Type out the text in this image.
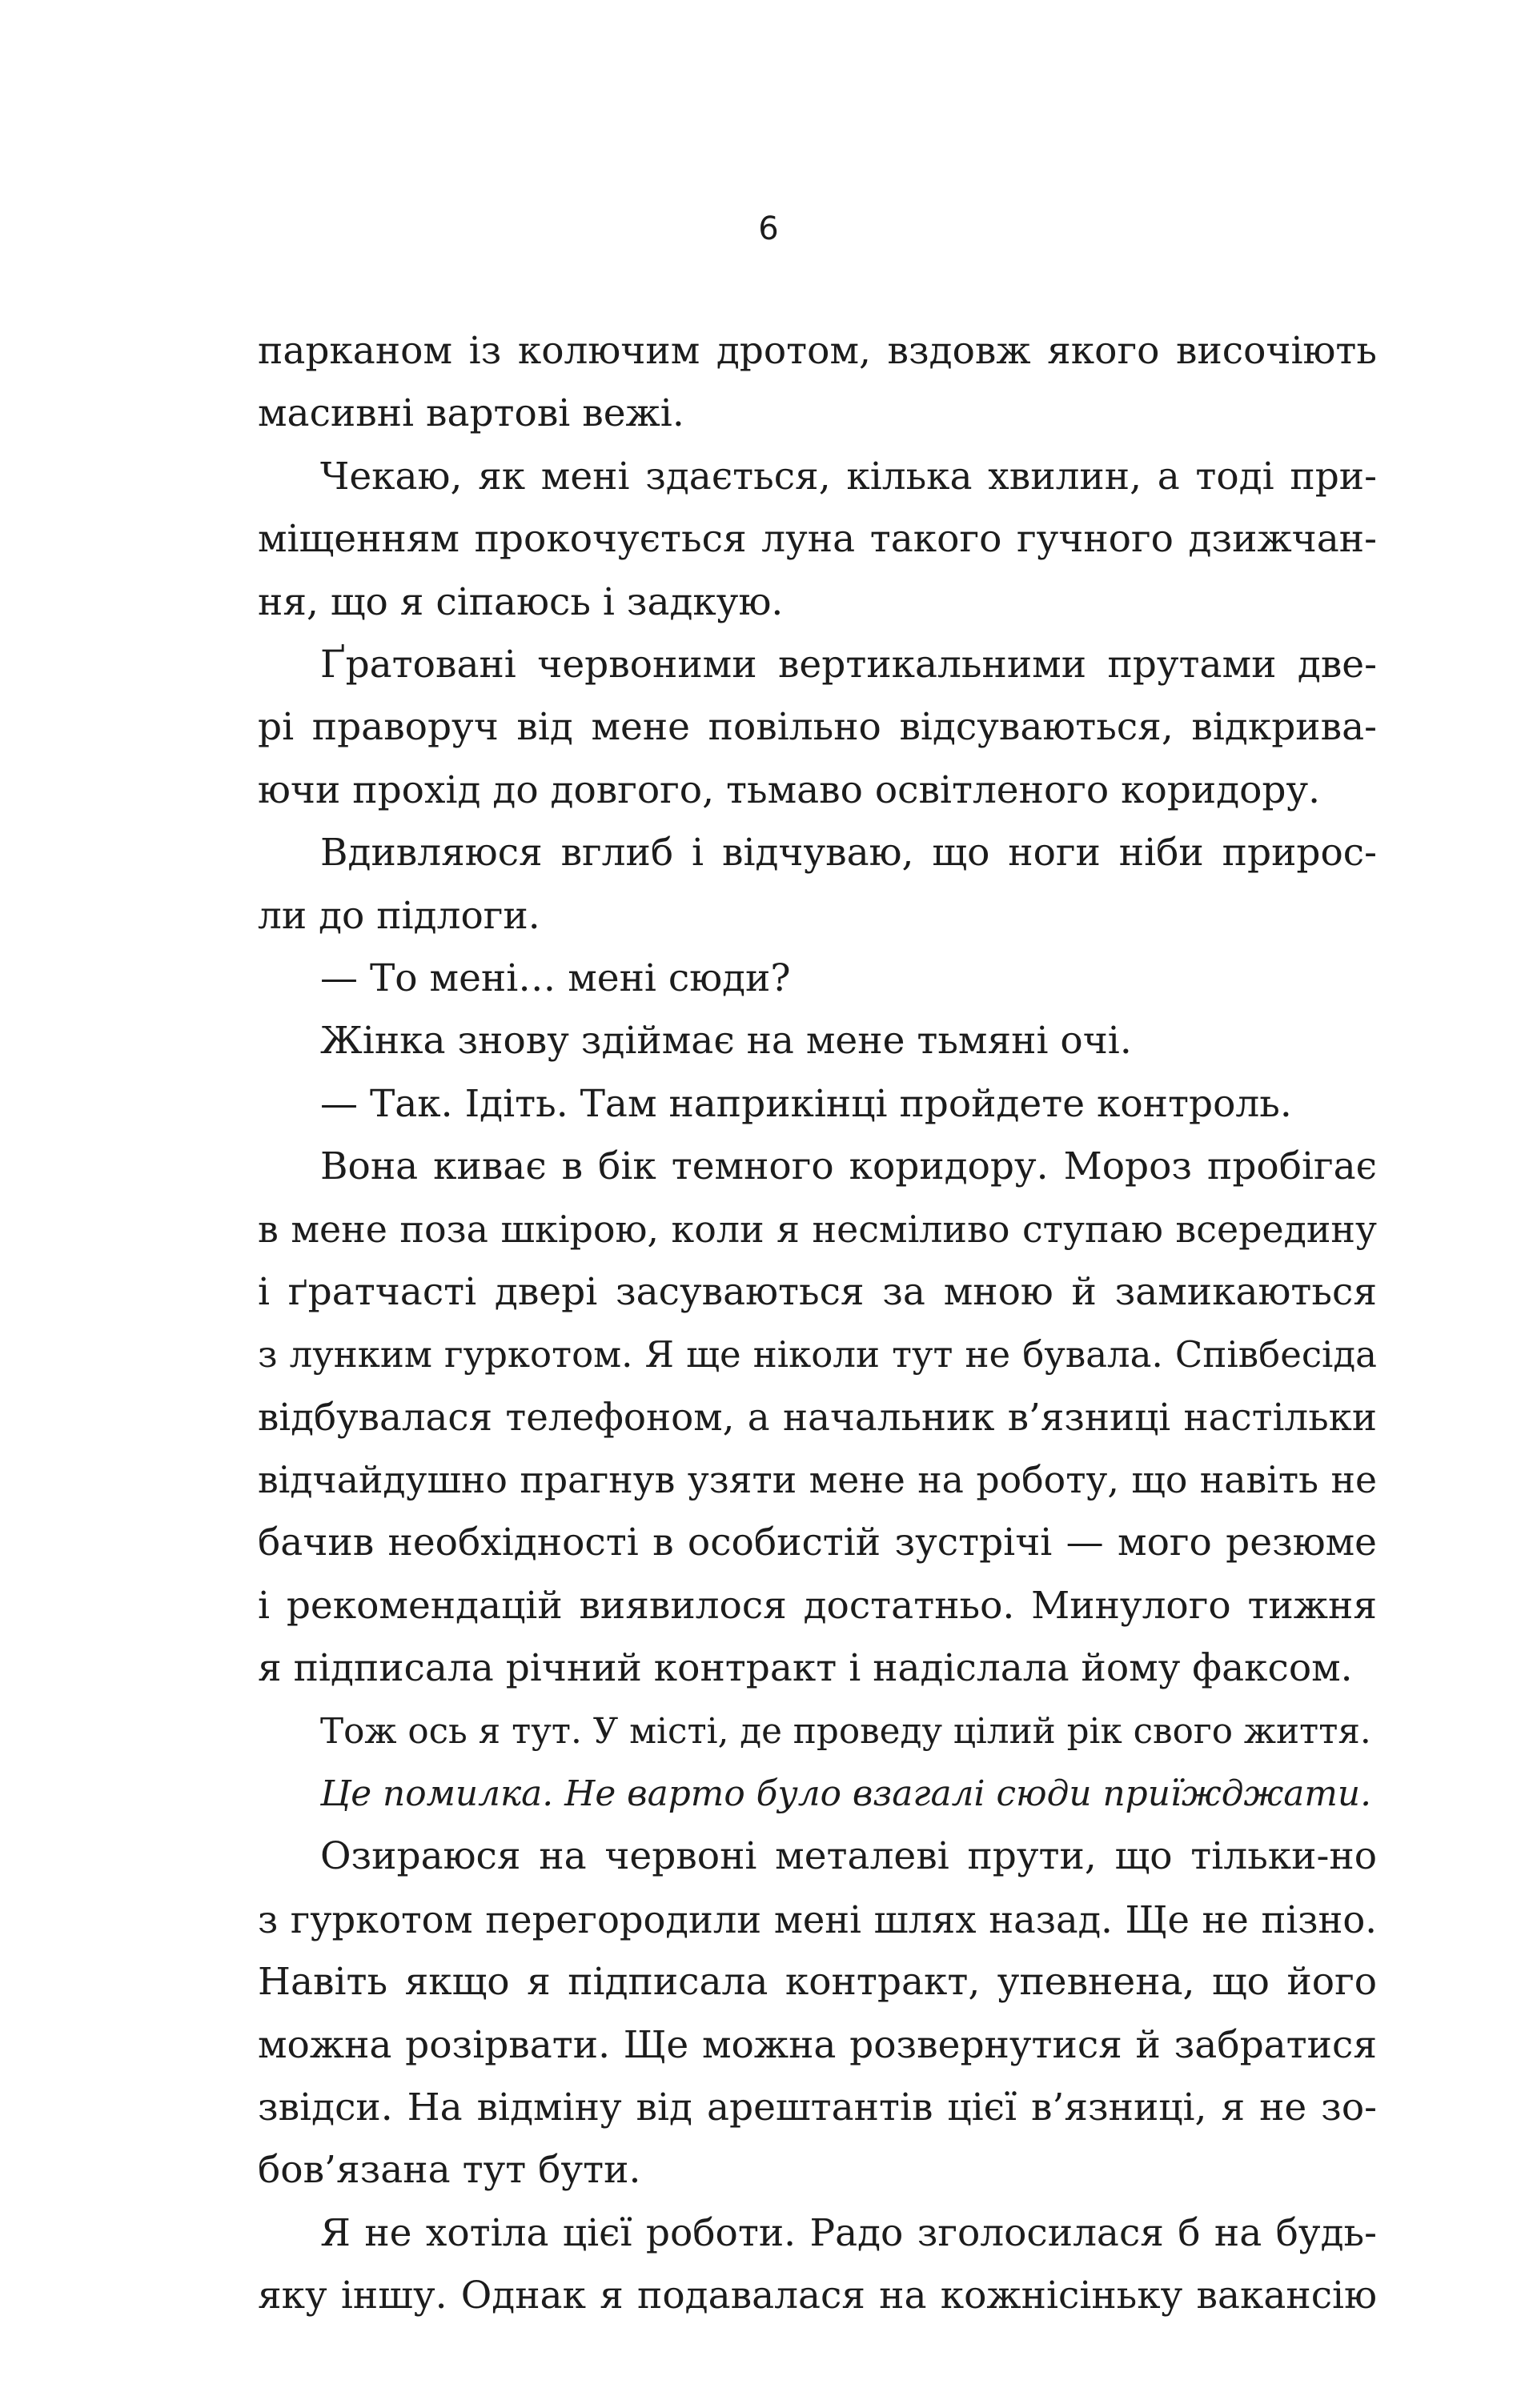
6
парканом із колючим дротом, вздовж якого височіють
масивні вартові вежі.
Чекаю, як мені здається, кілька хвилин, а тоді при-
міщенням прокочується луна такого гучного дзижчан-
ня, що я сіпаюсь і задкую.
Ґратовані червоними вертикальними прутами две-
рі праворуч від мене повільно відсуваються, відкрива-
ючи прохід до довгого, тьмаво освітленого коридору.
Вдивляюся вглиб і відчуваю, що ноги ніби прирос-
ли до підлоги.
— То мені… мені сюди?
Жінка знову здіймає на мене тьмяні очі.
— Так. Ідіть. Там наприкінці пройдете контроль.
Вона киває в бік темного коридору. Мороз пробігає
в мене поза шкірою, коли я несміливо ступаю всередину
і ґратчасті двері засуваються за мною й замикаються
з лунким гуркотом. Я ще ніколи тут не бувала. Співбесіда
відбувалася телефоном, а начальник в’язниці настільки
відчайдушно прагнув узяти мене на роботу, що навіть не
бачив необхідності в особистій зустрічі — мого резюме
і рекомендацій виявилося достатньо. Минулого тижня
я підписала річний контракт і надіслала йому факсом.
Тож ось я тут. У місті, де проведу цілий рік свого життя.
Це помилка. Не варто було взагалі сюди приїжджати.
Озираюся на червоні металеві прути, що тільки-но
з гуркотом перегородили мені шлях назад. Ще не пізно.
Навіть якщо я підписала контракт, упевнена, що його
можна розірвати. Ще можна розвернутися й забратися
звідси. На відміну від арештантів цієї в’язниці, я не зо-
бов’язана тут бути.
Я не хотіла цієї роботи. Радо зголосилася б на будь-
яку іншу. Однак я подавалася на кожнісіньку вакансію
